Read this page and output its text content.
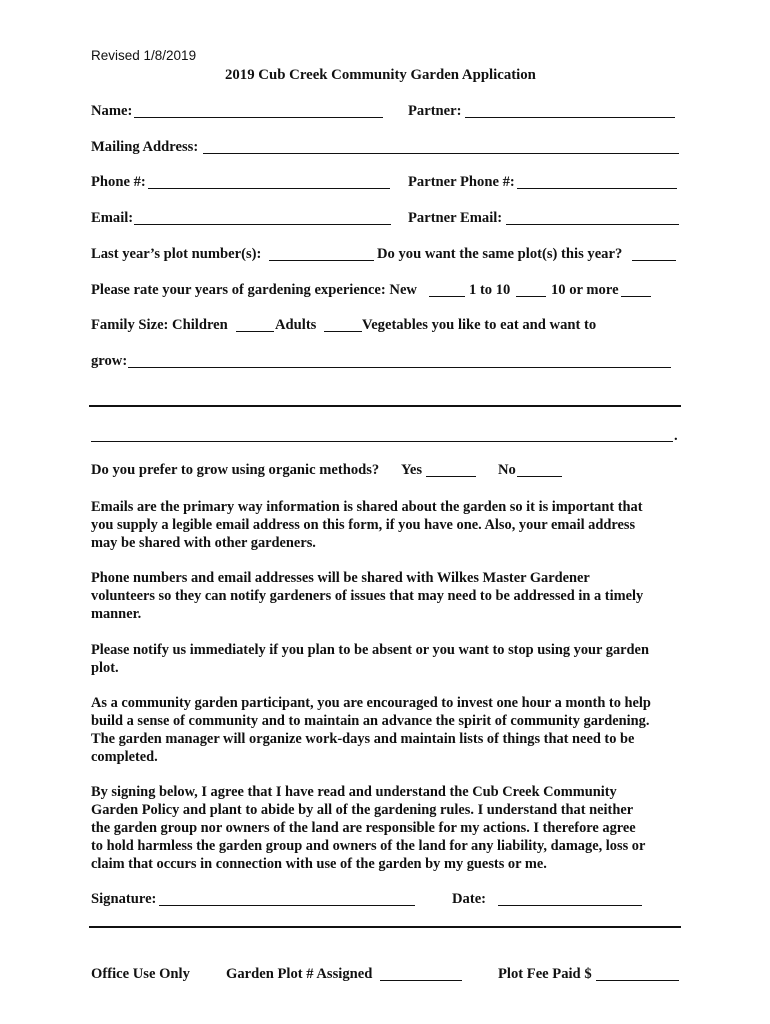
Revised 1/8/2019
2019 Cub Creek Community Garden Application
Name:	Partner:
Mailing Address:
Phone #:	Partner Phone #:
Email:	Partner Email:
Last year’s plot number(s):	Do you want the same plot(s) this year?
Please rate your years of gardening experience: New	1 to 10	10 or more
Family Size: Children	Adults	Vegetables you like to eat and want to
grow:
.
Do you prefer to grow using organic methods? Yes	No
Emails are the primary way information is shared about the garden so it is important that
you supply a legible email address on this form, if you have one. Also, your email address
may be shared with other gardeners.
Phone numbers and email addresses will be shared with Wilkes Master Gardener
volunteers so they can notify gardeners of issues that may need to be addressed in a timely
manner.
Please notify us immediately if you plan to be absent or you want to stop using your garden
plot.
As a community garden participant, you are encouraged to invest one hour a month to help
build a sense of community and to maintain an advance the spirit of community gardening.
The garden manager will organize work-days and maintain lists of things that need to be
completed.
By signing below, I agree that I have read and understand the Cub Creek Community
Garden Policy and plant to abide by all of the gardening rules. I understand that neither
the garden group nor owners of the land are responsible for my actions. I therefore agree
to hold harmless the garden group and owners of the land for any liability, damage, loss or
claim that occurs in connection with use of the garden by my guests or me.
Signature:	Date:
Office Use Only Garden Plot # Assigned	Plot Fee Paid $
